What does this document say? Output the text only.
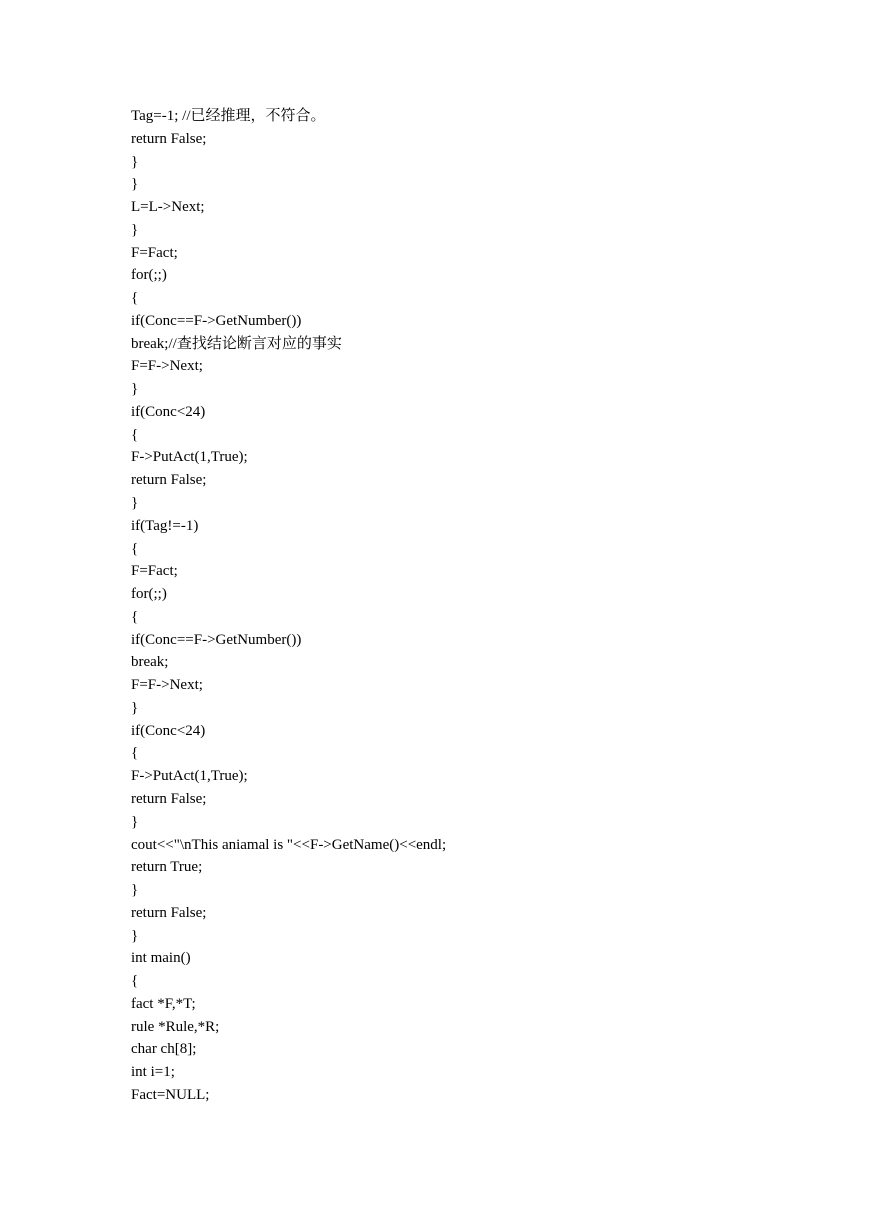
Tag=-1; //已经推理，不符合。
return False;
}
}
L=L->Next;
}
F=Fact;
for(;;)
{
if(Conc==F->GetNumber())
break;//查找结论断言对应的事实
F=F->Next;
}
if(Conc<24)
{
F->PutAct(1,True);
return False;
}
if(Tag!=-1)
{
F=Fact;
for(;;)
{
if(Conc==F->GetNumber())
break;
F=F->Next;
}
if(Conc<24)
{
F->PutAct(1,True);
return False;
}
cout<<"\nThis aniamal is "<<F->GetName()<<endl;
return True;
}
return False;
}
int main()
{
fact *F,*T;
rule *Rule,*R;
char ch[8];
int i=1;
Fact=NULL;
